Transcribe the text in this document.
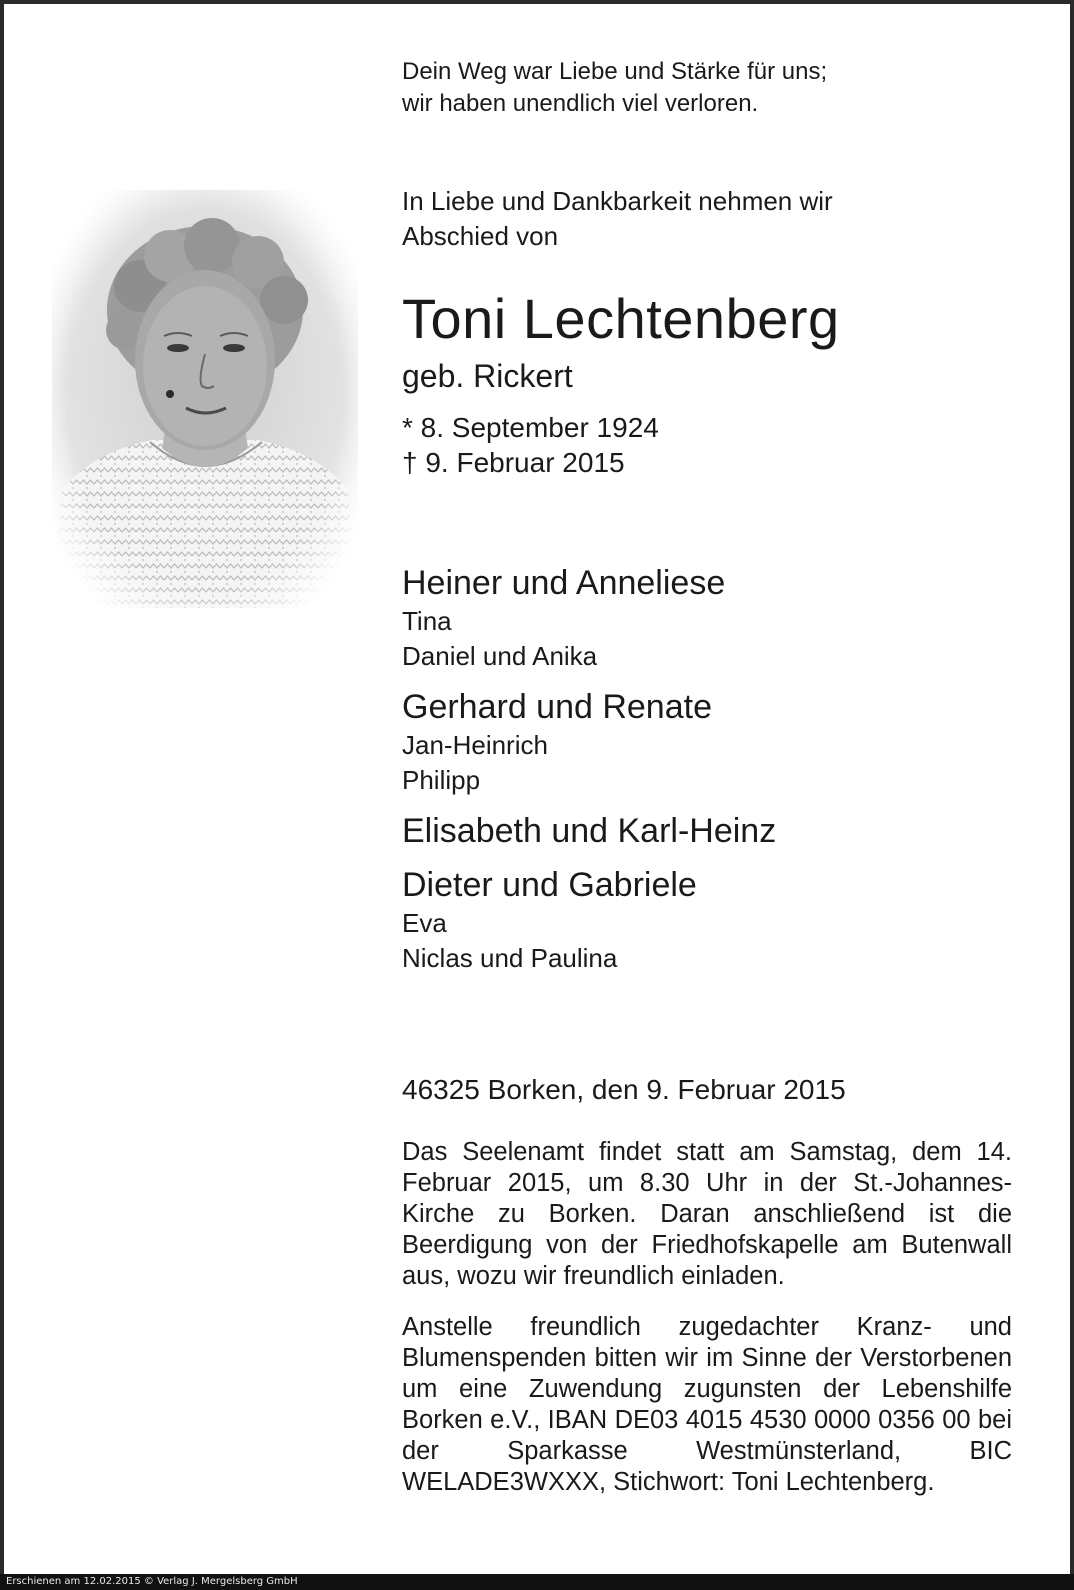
Dein Weg war Liebe und Stärke für uns;
wir haben unendlich viel verloren.
In Liebe und Dankbarkeit nehmen wir
Abschied von
Toni Lechtenberg
geb. Rickert
* 8. September 1924
† 9. Februar 2015
Heiner und Anneliese
Tina
Daniel und Anika
Gerhard und Renate
Jan-Heinrich
Philipp
Elisabeth und Karl-Heinz
Dieter und Gabriele
Eva
Niclas und Paulina
46325 Borken, den 9. Februar 2015
Das Seelenamt findet statt am Samstag, dem 14. Februar 2015, um 8.30 Uhr in der St.-Johannes-Kirche zu Borken. Daran anschließend ist die Beerdigung von der Friedhofskapelle am Butenwall aus, wozu wir freundlich einladen.
Anstelle freundlich zugedachter Kranz- und Blumenspenden bitten wir im Sinne der Verstorbenen um eine Zuwendung zugunsten der Lebenshilfe Borken e.V., IBAN DE03 4015 4530 0000 0356 00 bei der Sparkasse Westmünsterland, BIC WELADE3WXXX, Stichwort: Toni Lechtenberg.
Erschienen am 12.02.2015 © Verlag J. Mergelsberg GmbH
